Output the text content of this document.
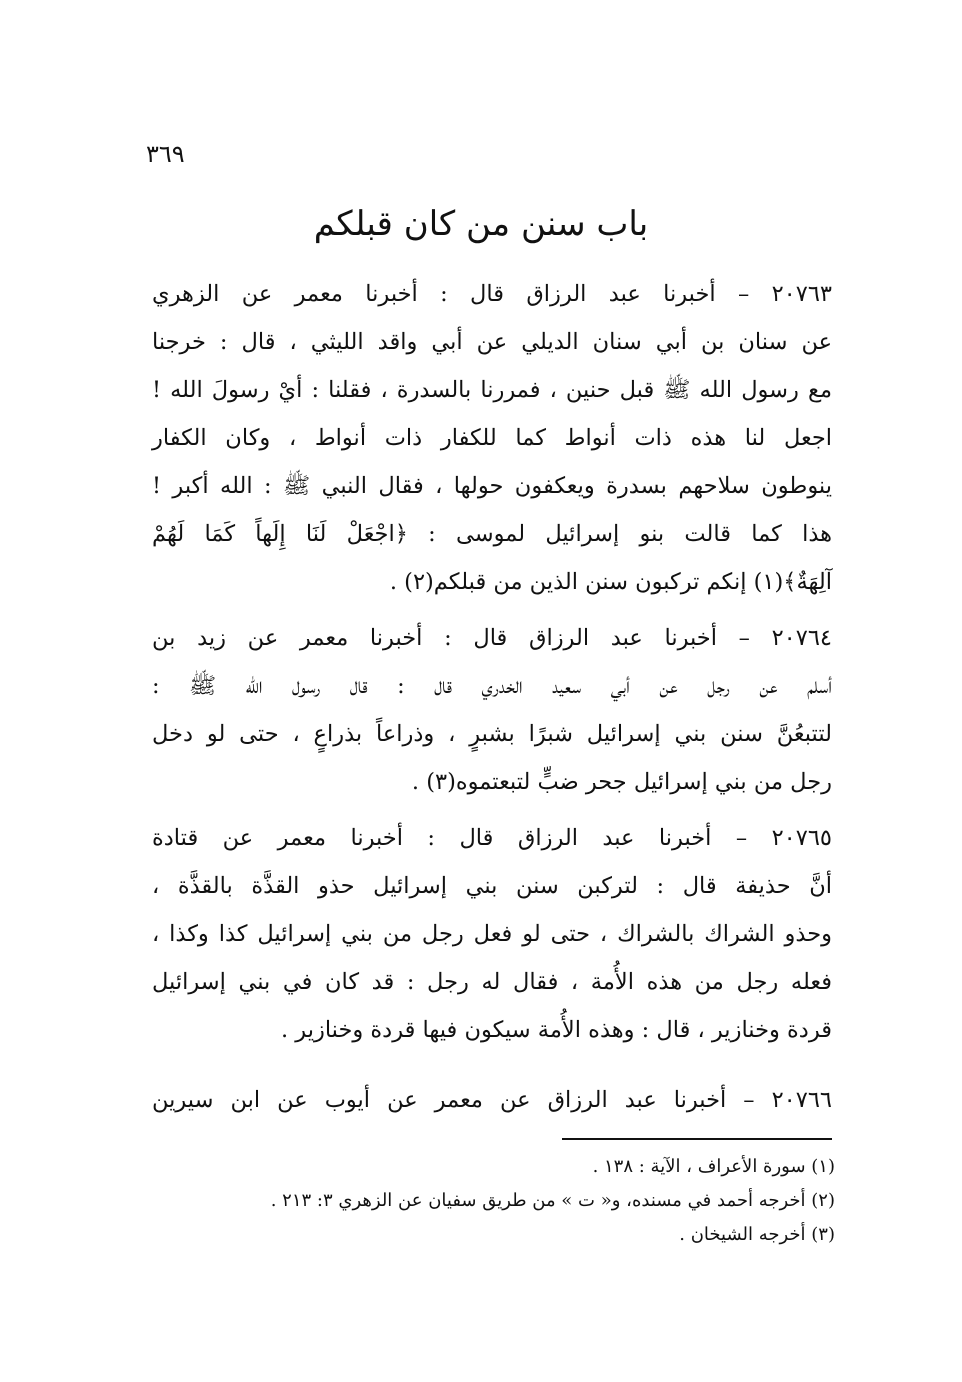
٣٦٩
باب سنن من كان قبلكم

٢٠٧٦٣ – أخبرنا عبد الرزاق قال : أخبرنا معمر عن الزهري
عن سنان بن أبي سنان الديلي عن أبي واقد الليثي ، قال : خرجنا
مع رسول الله ﷺ قبل حنين ، فمررنا بالسدرة ، فقلنا : أيْ رسولَ الله !
اجعل لنا هذه ذات أنواط كما للكفار ذات أنواط ، وكان الكفار
ينوطون سلاحهم بسدرة ويعكفون حولها ، فقال النبي ﷺ : الله أكبر !
هذا كما قالت بنو إسرائيل لموسى : ﴿اجْعَلْ لَنَا إِلَهاً كَمَا لَهُمْ
آلِهَةٌ﴾(١) إنكم تركبون سنن الذين من قبلكم(٢) .

٢٠٧٦٤ – أخبرنا عبد الرزاق قال : أخبرنا معمر عن زيد بن
أسلم عن رجل عن أبي سعيد الخدري قال : قال رسول الله ﷺ :
لتتبعُنَّ سنن بني إسرائيل شبرًا بشبرٍ ، وذراعاً بذراعٍ ، حتى لو دخل
رجل من بني إسرائيل جحر ضبٍّ لتبعتموه(٣) .

٢٠٧٦٥ – أخبرنا عبد الرزاق قال : أخبرنا معمر عن قتادة
أنَّ حذيفة قال : لتركبن سنن بني إسرائيل حذو القذَّة بالقذَّة ،
وحذو الشراك بالشراك ، حتى لو فعل رجل من بني إسرائيل كذا وكذا ،
فعله رجل من هذه الأُمة ، فقال له رجل : قد كان في بني إسرائيل
قردة وخنازير ، قال : وهذه الأُمة سيكون فيها قردة وخنازير .

٢٠٧٦٦ – أخبرنا عبد الرزاق عن معمر عن أيوب عن ابن سيرين

(١) سورة الأعراف ، الآية : ١٣٨ .
(٢) أخرجه أحمد في مسنده، و« ت » من طريق سفيان عن الزهري ٣: ٢١٣ .
(٣) أخرجه الشيخان .
